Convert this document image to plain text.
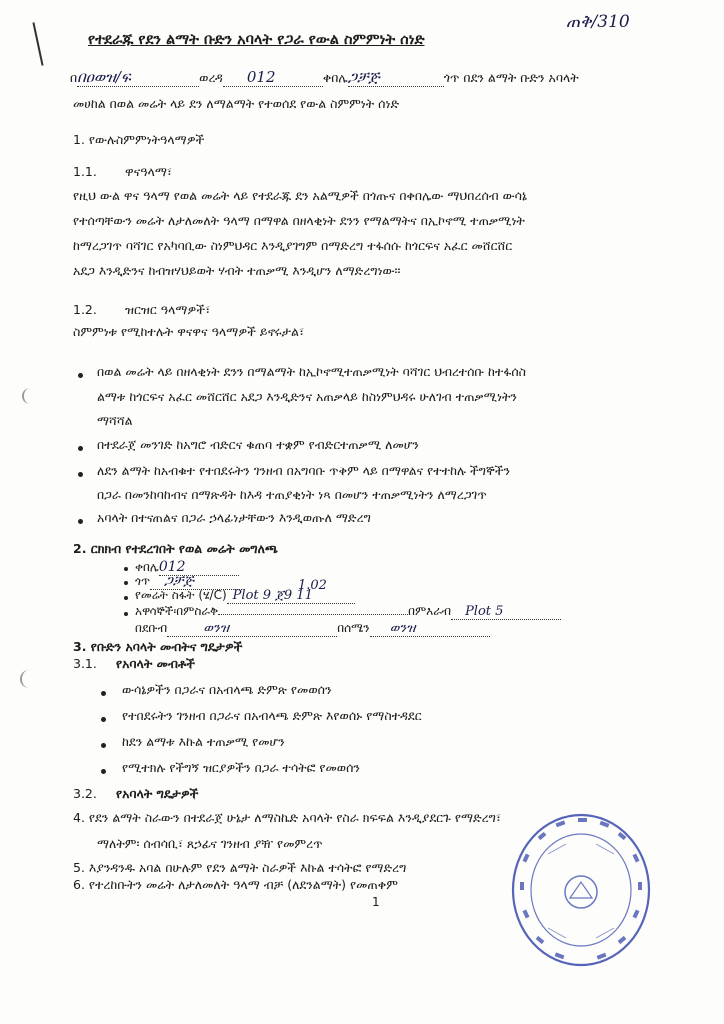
ጠቅ/310
የተደራጁ የደን ልማት ቡድን አባላት የጋራ የውል ስምምነት ሰነድ
በበዐወዝ/ፍ	ወረዳ 012	ቀበሌጋቻጅ	ጎጥ በደን ልማት ቡድን አባላት
መሀከል በወል መሬት ላይ ደን ለማልማት የተወሰደ የውል ስምምነት ሰነድ
1. የውሉስምምነትዓላማዎች
1.1. ዋናዓላማ፣
የዚህ ውል ዋና ዓላማ የወል መሬት ላይ የተደራጁ ደን አልሚዎች በጎጡና በቀበሌው ማህበረሰብ ውሳኔ
የተሰጣቸውን መሬት ለታለመለት ዓላማ በማዋል በዘላቂነት ደንን የማልማትና በኢኮኖሚ ተጠቃሚነት
ከማረጋገጥ ባሻገር የአካባቢው ስነምህዳር እንዲያገግም በማድረግ ተፋሰሱ ከጎርፍና አፈር መሸርሸር
አደጋ እንዲድንና ከብዝሃህይወት ሃብት ተጠቃሚ እንዲሆን ለማድረግነው፡፡
1.2. ዝርዝር ዓላማዎች፣
ስምምነቱ የሚከተሉት ዋናዋና ዓላማዎች ይኖሩታል፣
በወል መሬት ላይ በዘላቂነት ደንን በማልማት ከኢኮኖሚተጠቃሚነት ባሻገር ህብረተሰቡ ከተፋሰስ
ልማቱ ከጎርፍና አፈር መሸርሸር አደጋ እንዲድንና አጠቃላይ ከስነምህዳሩ ሁለገብ ተጠቃሚነትን
ማሻሻል
በተደራጀ መንገድ ከአግሮ ብድርና ቁጠባ ተቋም የብድርተጠቃሚ ለመሆን
ለደን ልማት ከአብቁተ የተበደሩትን ገንዘብ በአግባቡ ጥቅም ላይ በማዋልና የተተከሉ ችግኞችን
በጋራ በመንከባከብና በማጽዳት ከእዳ ተጠያቂነት ነጻ በመሆን ተጠቃሚነትን ለማረጋገጥ
አባላት በተናጠልና በጋራ ኃላፊነታቸውን እንዲወጡለ ማድረግ
2. ርክክብ የተደረገበት የወል መሬት መግለጫ
ቀበሌ012
ጎጥ ጋቻጅ	1.02
የመሬት ስፋት (ሄ/C) Plot 9 ጀ9 11
አዋሳኞች፡በምስራቅ	በምእራብ Plot 5
በደቡብ	ወንዝ	በሰሜን ወንዝ
3. የቡድን አባላት መብትና ግዴታዎች
3.1. የአባላት መብቶች
ውሳኔዎችን በጋራና በአብላጫ ድምጽ የመወሰን
የተበደሩትን ገንዘብ በጋራና በአብላጫ ድምጽ እየወሰኑ የማስተዳደር
ከደን ልማቱ እኩል ተጠቃሚ የመሆን
የሚተክሉ የችግኝ ዝርያዎችን በጋራ ተሳትፎ የመወሰን
3.2. የአባላት ግዴታዎች
4. የደን ልማት ስራውን በተደራጀ ሁኔታ ለማስኬድ አባላት የስራ ክፍፍል እንዲያደርጉ የማድረግ፣
ማለትም፡ ሰብሳቢ፣ ጸኃፊና ገንዘብ ያዥ የመምረጥ
5. እያንዳንዱ አባል በሁሉም የደን ልማት ስራዎች እኩል ተሳትፎ የማድረግ
6. የተረከቡትን መሬት ለታለመለት ዓላማ ብቻ (ለደንልማት) የመጠቀም
1
